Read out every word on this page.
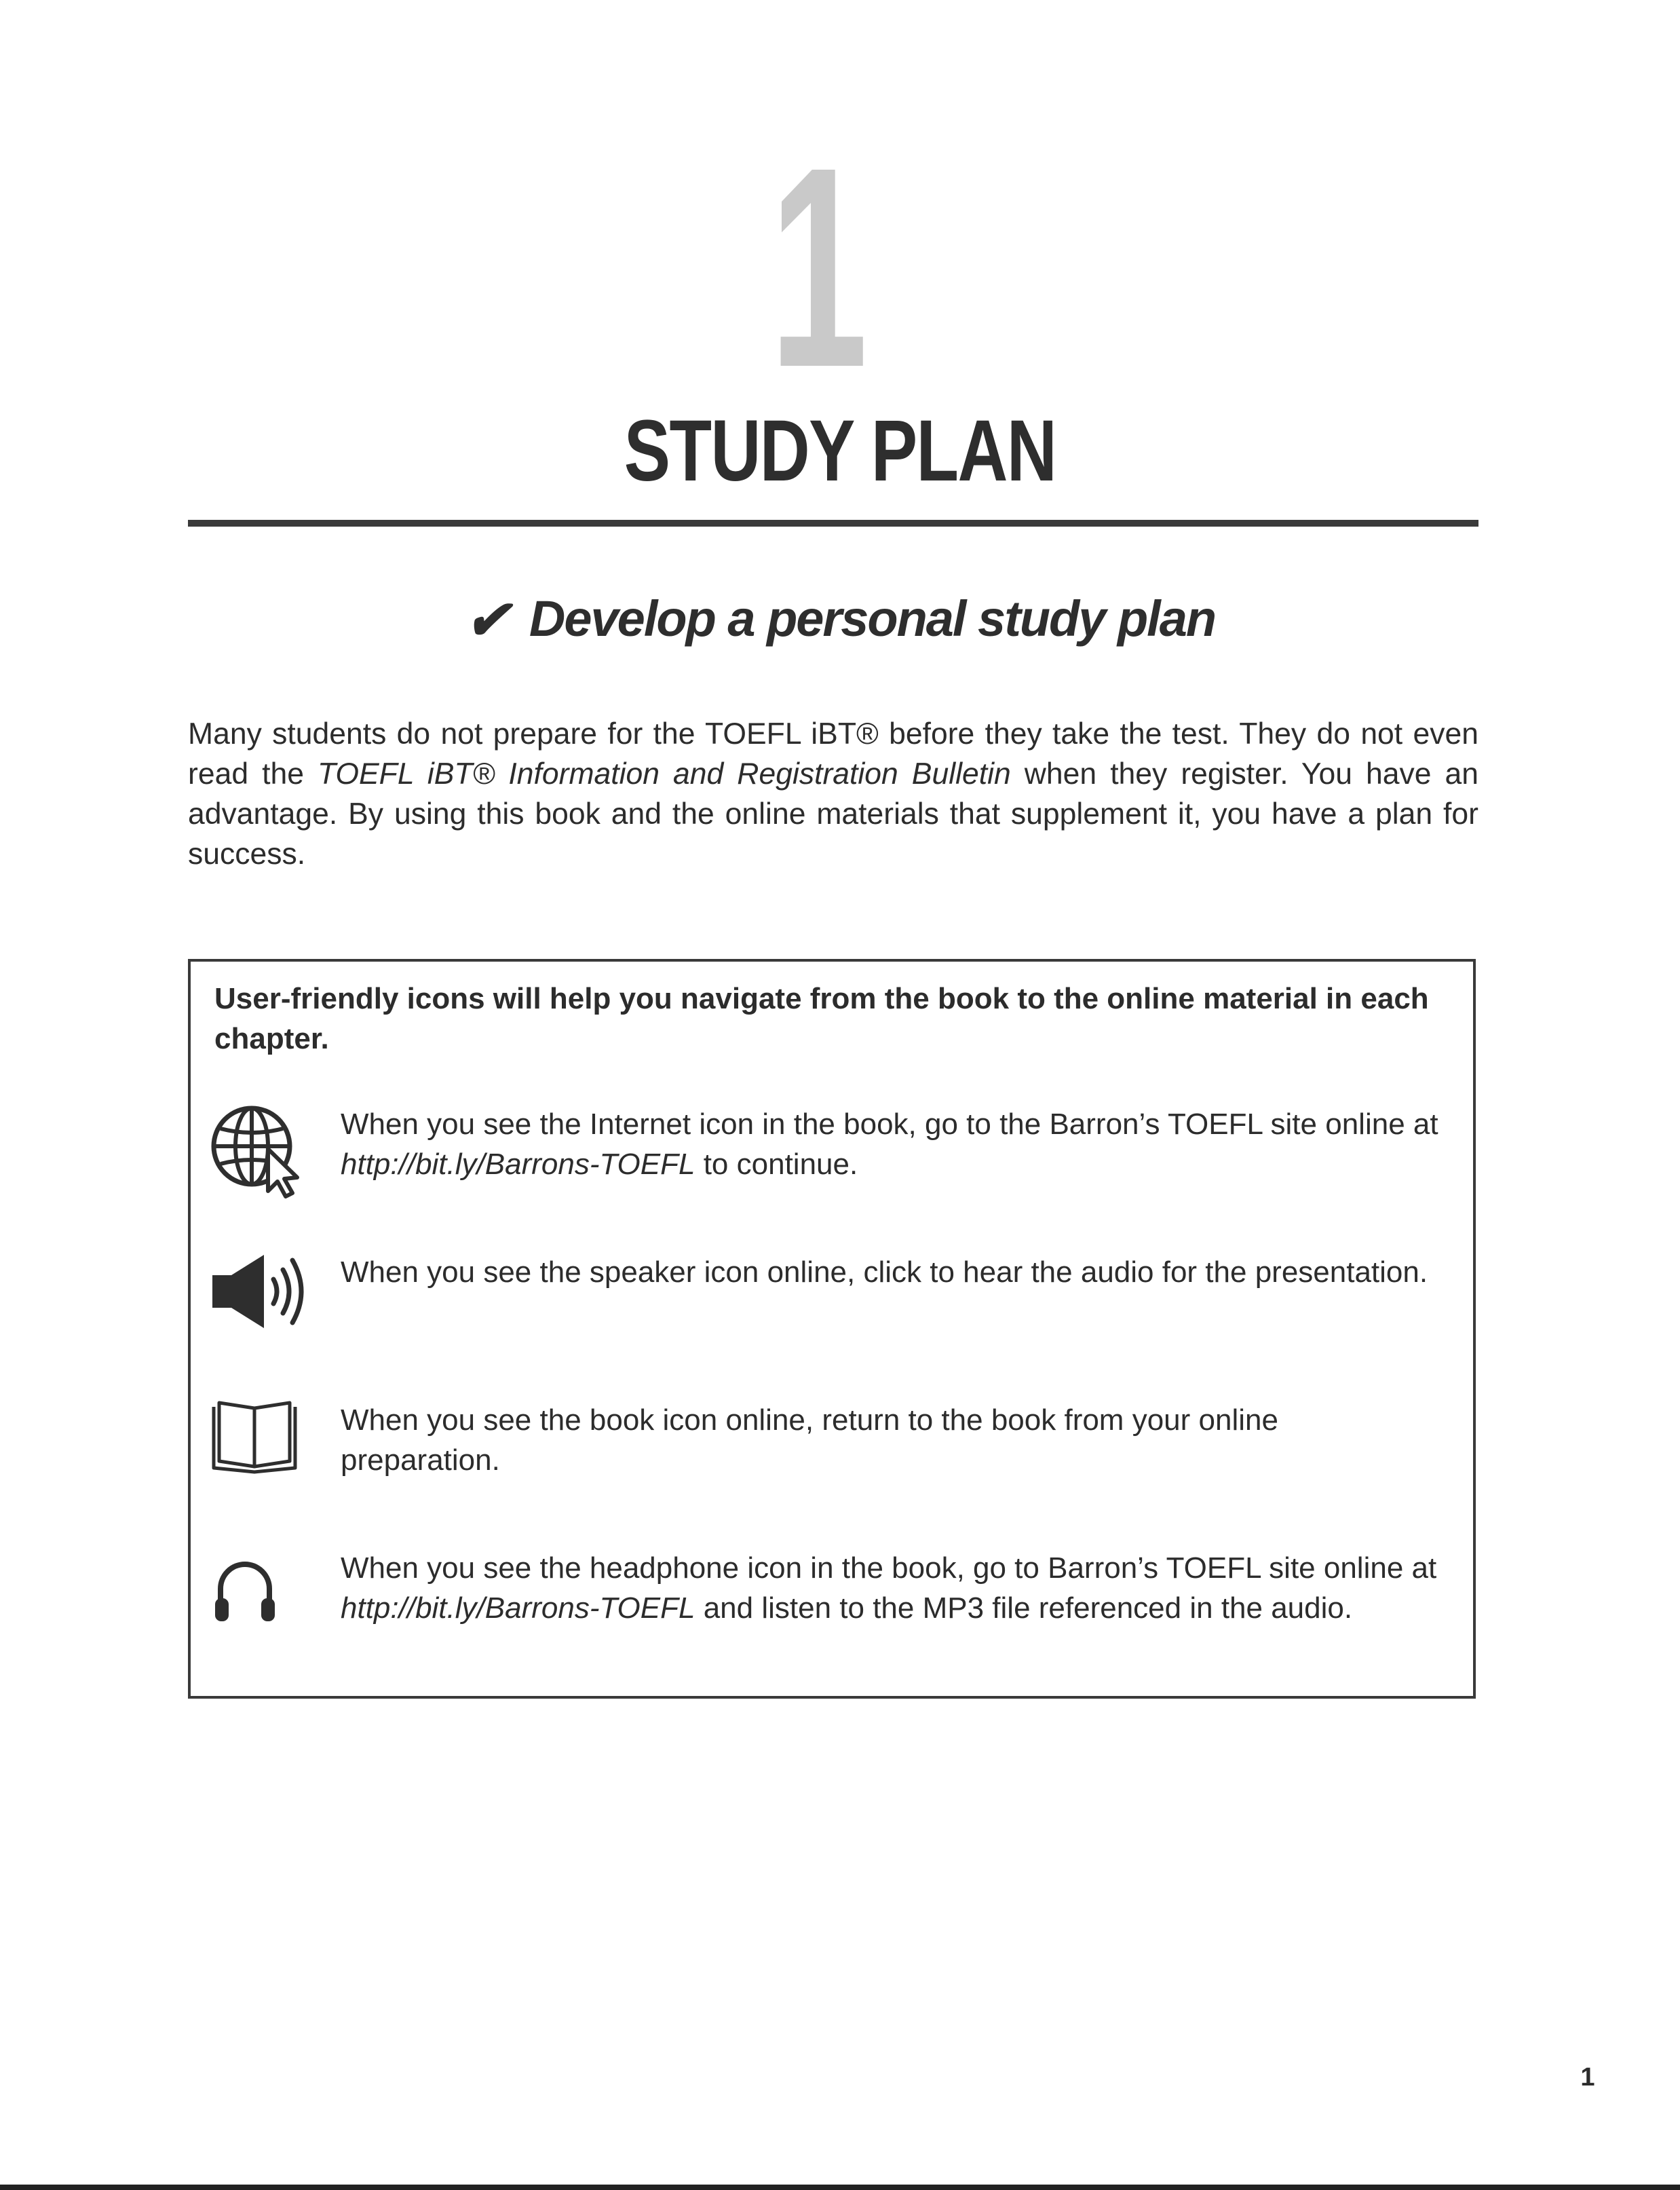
1
STUDY PLAN
✔ Develop a personal study plan

Many students do not prepare for the TOEFL iBT® before they take the test. They do not even read the TOEFL iBT® Information and Registration Bulletin when they register. You have an advantage. By using this book and the online materials that supplement it, you have a plan for success.

User-friendly icons will help you navigate from the book to the online material in each chapter.

When you see the Internet icon in the book, go to the Barron’s TOEFL site online at http://bit.ly/Barrons-TOEFL to continue.

When you see the speaker icon online, click to hear the audio for the presentation.

When you see the book icon online, return to the book from your online preparation.

When you see the headphone icon in the book, go to Barron’s TOEFL site online at http://bit.ly/Barrons-TOEFL and listen to the MP3 file referenced in the audio.

1
